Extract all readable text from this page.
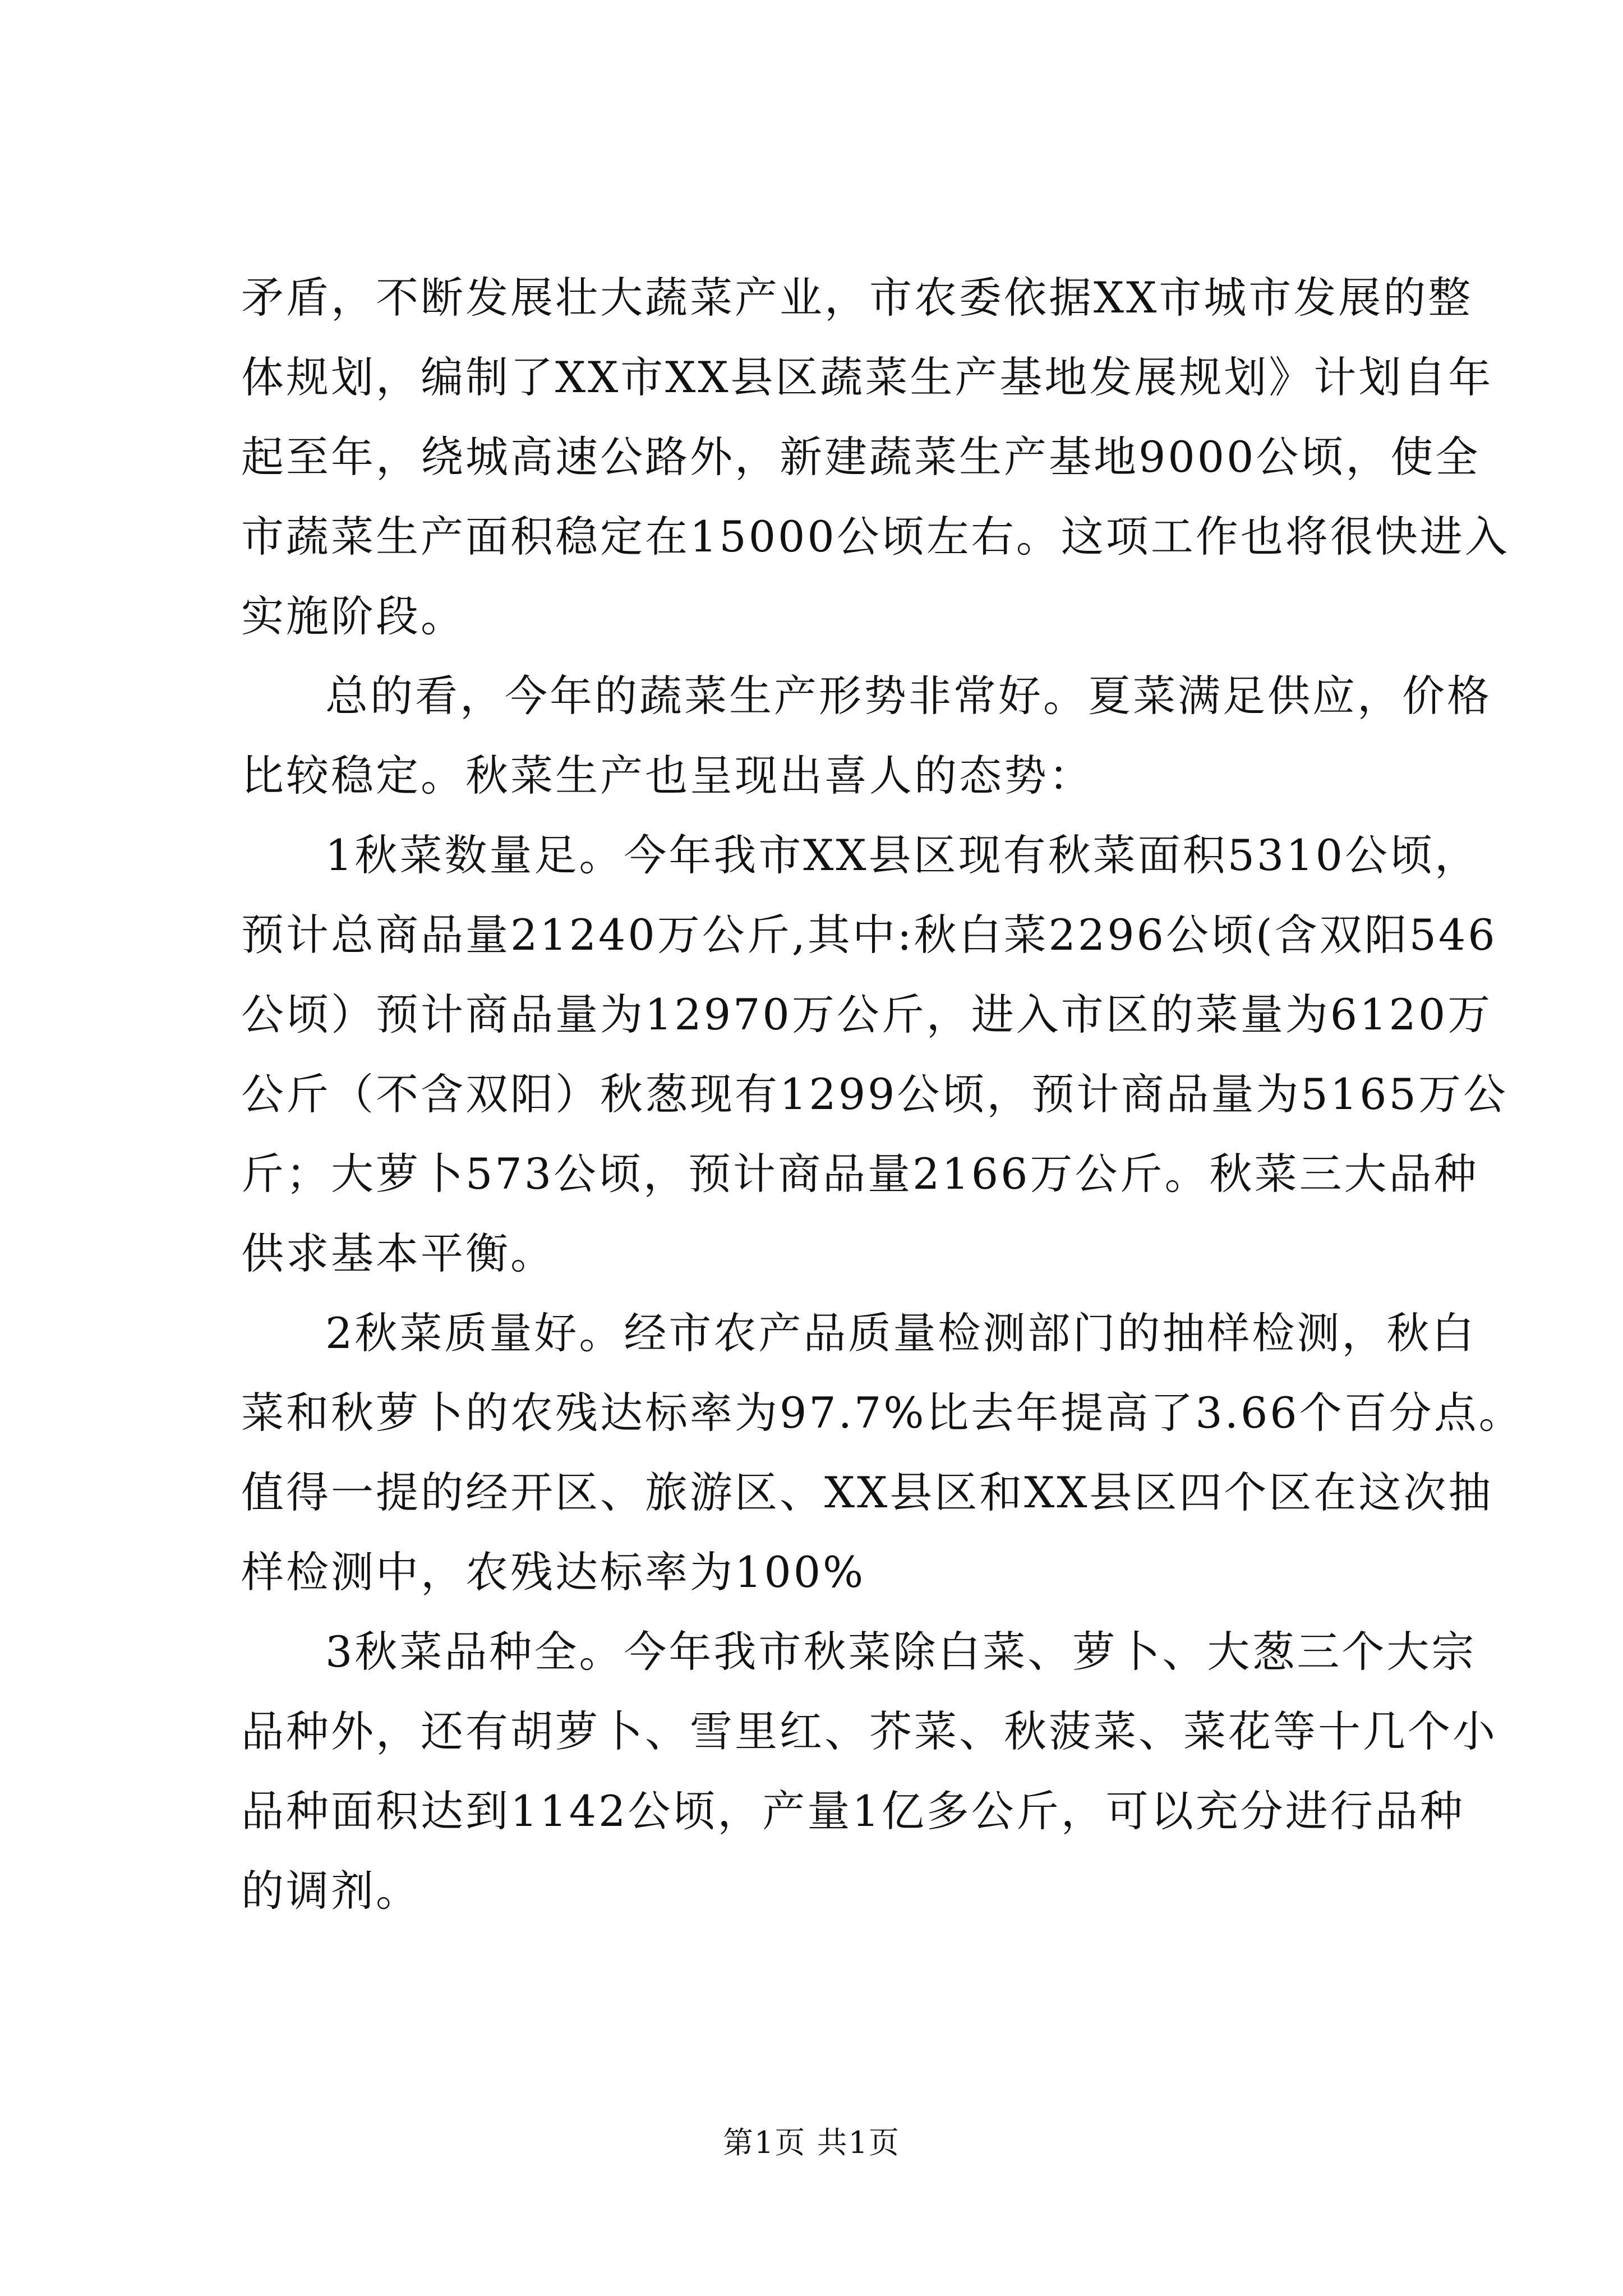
矛盾，不断发展壮大蔬菜产业，市农委依据XX市城市发展的整
体规划，编制了XX市XX县区蔬菜生产基地发展规划》计划自年
起至年，绕城高速公路外，新建蔬菜生产基地9000公顷，使全
市蔬菜生产面积稳定在15000公顷左右。这项工作也将很快进入
实施阶段。
总的看，今年的蔬菜生产形势非常好。夏菜满足供应，价格
比较稳定。秋菜生产也呈现出喜人的态势：
1秋菜数量足。今年我市XX县区现有秋菜面积5310公顷，
预计总商品量21240万公斤,其中:秋白菜2296公顷(含双阳546
公顷）预计商品量为12970万公斤，进入市区的菜量为6120万
公斤（不含双阳）秋葱现有1299公顷，预计商品量为5165万公
斤；大萝卜573公顷，预计商品量2166万公斤。秋菜三大品种
供求基本平衡。
2秋菜质量好。经市农产品质量检测部门的抽样检测，秋白
菜和秋萝卜的农残达标率为97.7%比去年提高了3.66个百分点。
值得一提的经开区、旅游区、XX县区和XX县区四个区在这次抽
样检测中，农残达标率为100%
3秋菜品种全。今年我市秋菜除白菜、萝卜、大葱三个大宗
品种外，还有胡萝卜、雪里红、芥菜、秋菠菜、菜花等十几个小
品种面积达到1142公顷，产量1亿多公斤，可以充分进行品种
的调剂。
第1页 共1页
